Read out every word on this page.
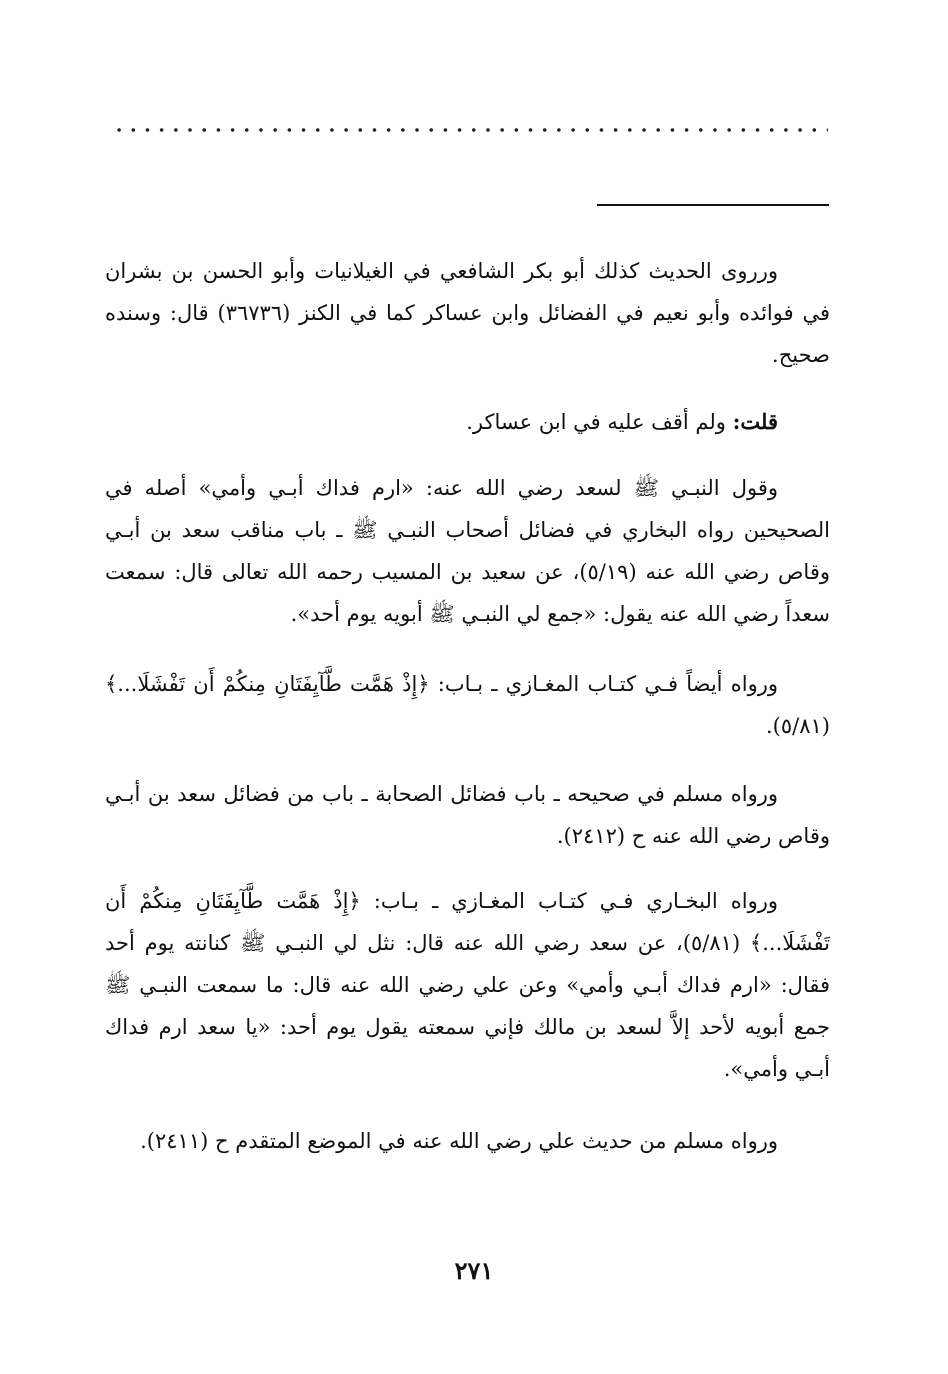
ورروى الحديث كذلك أبو بكر الشافعي في الغيلانيات وأبو الحسن بن بشران في فوائده وأبو نعيم في الفضائل وابن عساكر كما في الكنز (٣٦٧٣٦) قال: وسنده صحيح.

قلت: ولم أقف عليه في ابن عساكر.

وقول النبـي ﷺ لسعد رضي الله عنه: «ارم فداك أبـي وأمي» أصله في الصحيحين رواه البخاري في فضائل أصحاب النبـي ﷺ ـ باب مناقب سعد بن أبـي وقاص رضي الله عنه (٥/١٩)، عن سعيد بن المسيب رحمه الله تعالى قال: سمعت سعداً رضي الله عنه يقول: «جمع لي النبـي ﷺ أبويه يوم أحد».

ورواه أيضاً فـي كتـاب المغـازي ـ بـاب: ﴿إِذْ هَمَّت طَّآيِفَتَانِ مِنكُمْ أَن تَفْشَلَا...﴾ (٥/٨١).

ورواه مسلم في صحيحه ـ باب فضائل الصحابة ـ باب من فضائل سعد بن أبـي وقاص رضي الله عنه ح (٢٤١٢).

ورواه البخـاري فـي كتـاب المغـازي ـ بـاب: ﴿إِذْ هَمَّت طَّآيِفَتَانِ مِنكُمْ أَن تَفْشَلَا...﴾ (٥/٨١)، عن سعد رضي الله عنه قال: نثل لي النبـي ﷺ كنانته يوم أحد فقال: «ارم فداك أبـي وأمي» وعن علي رضي الله عنه قال: ما سمعت النبـي ﷺ جمع أبويه لأحد إلاَّ لسعد بن مالك فإني سمعته يقول يوم أحد: «يا سعد ارم فداك أبـي وأمي».

ورواه مسلم من حديث علي رضي الله عنه في الموضع المتقدم ح (٢٤١١).

٢٧١
